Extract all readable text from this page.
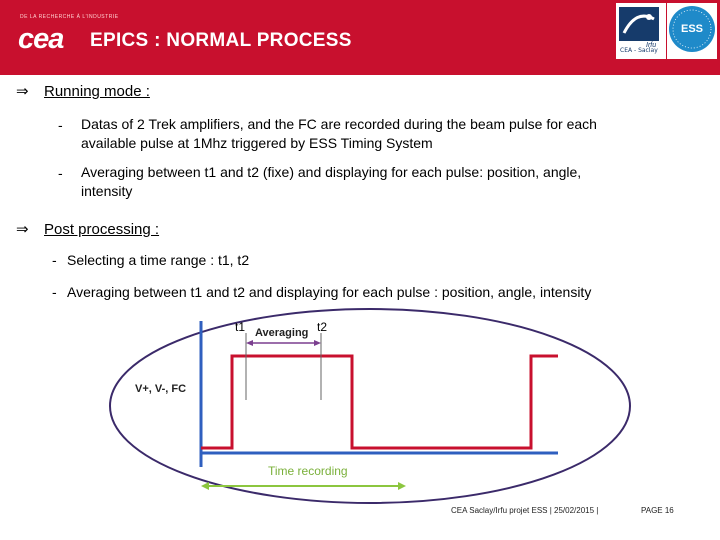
DE LA RECHERCHE À L'INDUSTRIE
cea EPICS : NORMAL PROCESS	Irfu
CEA - Saclay
ESS
⇒ Running mode :
- Datas of 2 Trek amplifiers, and the FC are recorded during the beam pulse for each
available pulse at 1Mhz triggered by ESS Timing System
- Averaging between t1 and t2 (fixe) and displaying for each pulse: position, angle,
intensity
⇒ Post processing :
- Selecting a time range : t1, t2
- Averaging between t1 and t2 and displaying for each pulse : position, angle, intensity
t1	t2
Averaging
V+, V-, FC
Time recording
CEA Saclay/Irfu projet ESS | 25/02/2015 |	PAGE 16
